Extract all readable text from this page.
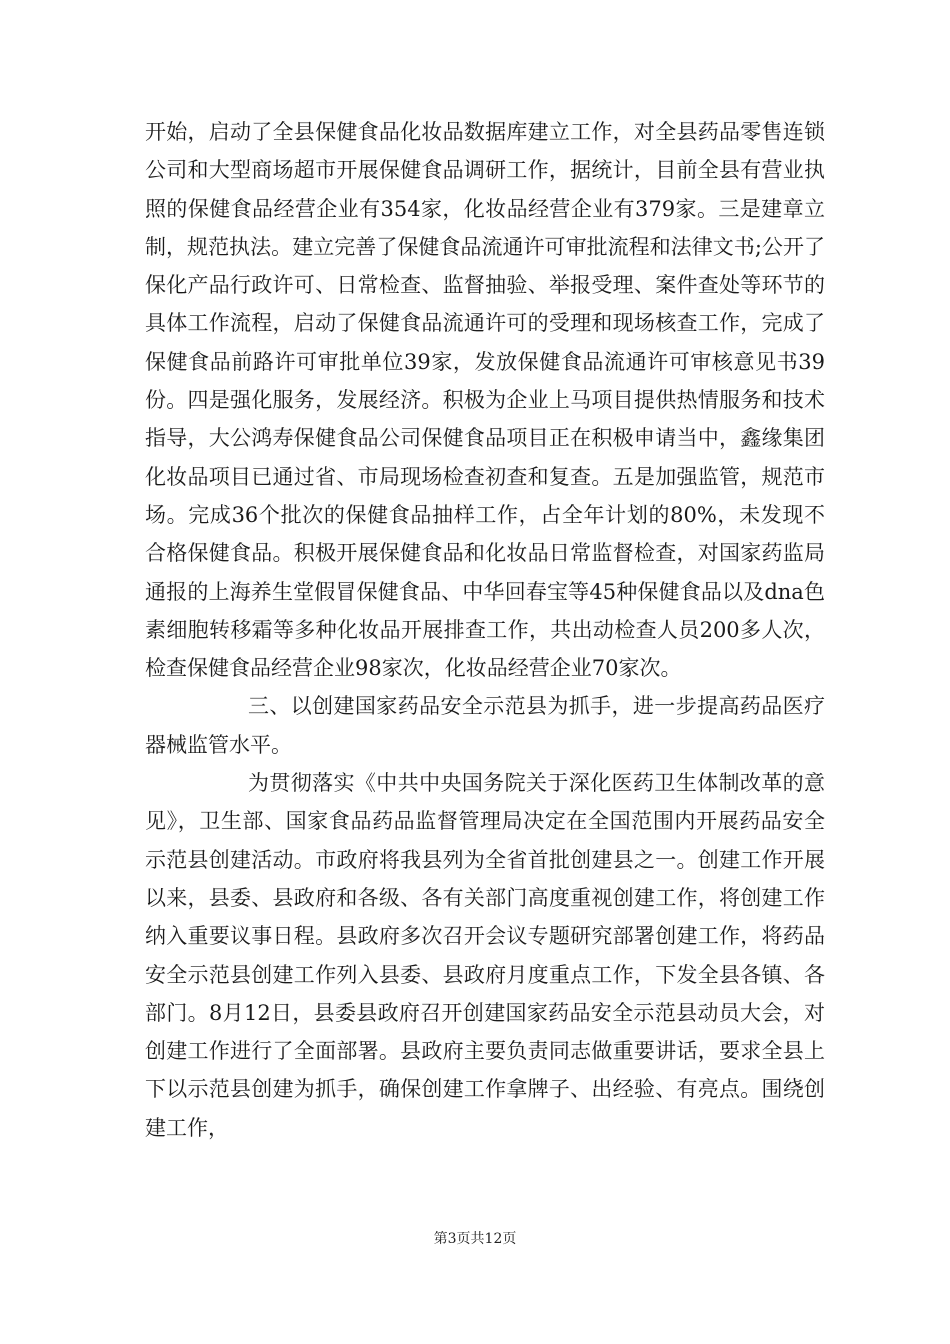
开始，启动了全县保健食品化妆品数据库建立工作，对全县药品零售连锁公司和大型商场超市开展保健食品调研工作，据统计，目前全县有营业执照的保健食品经营企业有354家，化妆品经营企业有379家。三是建章立制，规范执法。建立完善了保健食品流通许可审批流程和法律文书;公开了保化产品行政许可、日常检查、监督抽验、举报受理、案件查处等环节的具体工作流程，启动了保健食品流通许可的受理和现场核查工作，完成了保健食品前路许可审批单位39家，发放保健食品流通许可审核意见书39份。四是强化服务，发展经济。积极为企业上马项目提供热情服务和技术指导，大公鸿寿保健食品公司保健食品项目正在积极申请当中，鑫缘集团化妆品项目已通过省、市局现场检查初查和复查。五是加强监管，规范市场。完成36个批次的保健食品抽样工作，占全年计划的80%，未发现不合格保健食品。积极开展保健食品和化妆品日常监督检查，对国家药监局通报的上海养生堂假冒保健食品、中华回春宝等45种保健食品以及dna色素细胞转移霜等多种化妆品开展排查工作，共出动检查人员200多人次，检查保健食品经营企业98家次，化妆品经营企业70家次。

三、以创建国家药品安全示范县为抓手，进一步提高药品医疗器械监管水平。

为贯彻落实《中共中央国务院关于深化医药卫生体制改革的意见》，卫生部、国家食品药品监督管理局决定在全国范围内开展药品安全示范县创建活动。市政府将我县列为全省首批创建县之一。创建工作开展以来，县委、县政府和各级、各有关部门高度重视创建工作，将创建工作纳入重要议事日程。县政府多次召开会议专题研究部署创建工作，将药品安全示范县创建工作列入县委、县政府月度重点工作，下发全县各镇、各部门。8月12日，县委县政府召开创建国家药品安全示范县动员大会，对创建工作进行了全面部署。县政府主要负责同志做重要讲话，要求全县上下以示范县创建为抓手，确保创建工作拿牌子、出经验、有亮点。围绕创建工作，

第3页共12页
